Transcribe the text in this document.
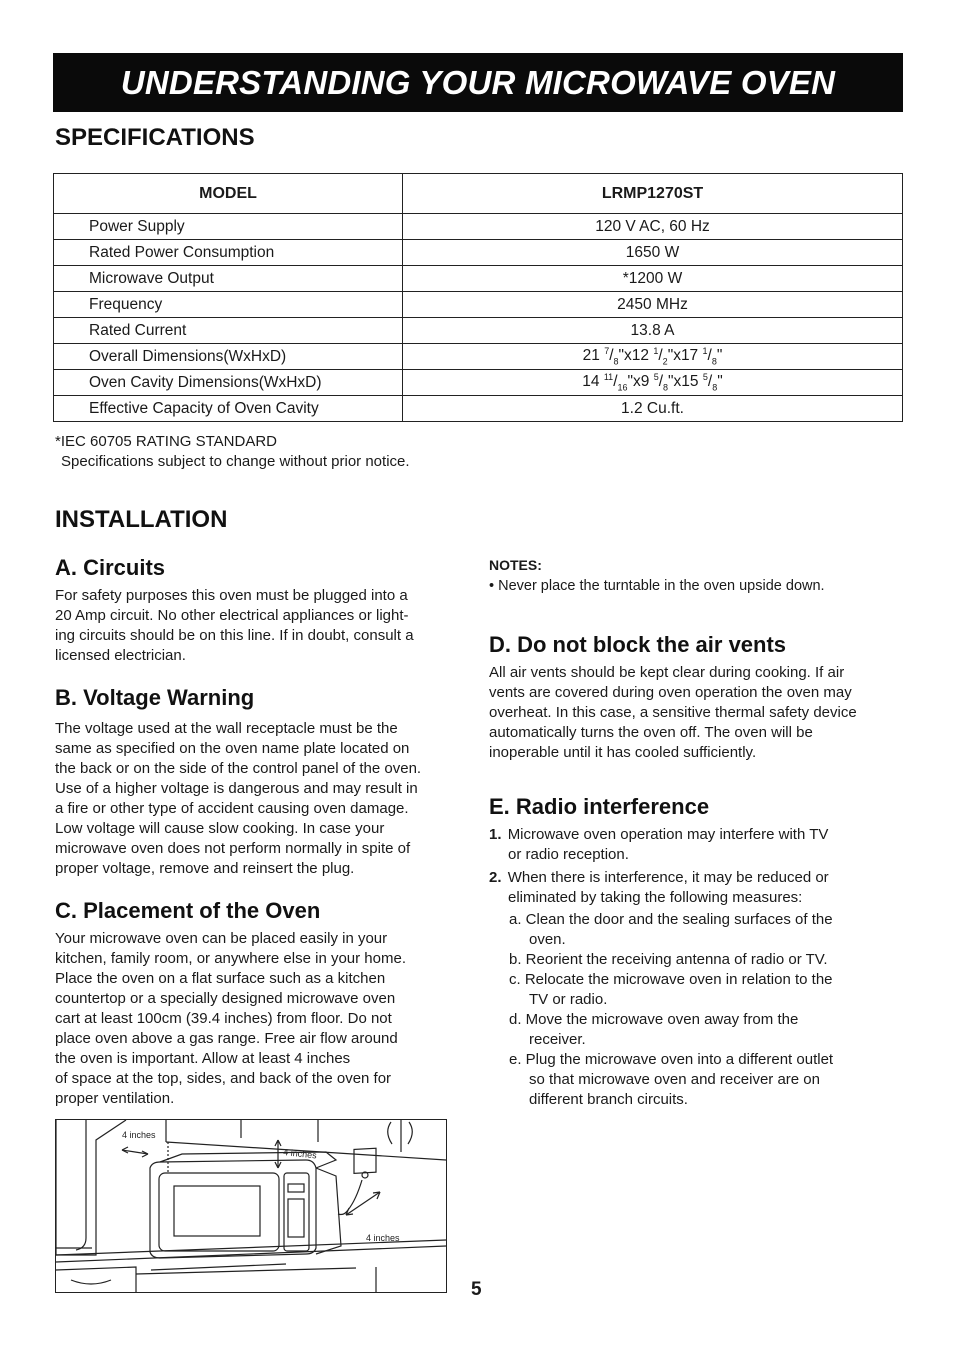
UNDERSTANDING YOUR MICROWAVE OVEN
SPECIFICATIONS
MODEL	LRMP1270ST
Power Supply	120 V AC, 60 Hz
Rated Power Consumption	1650 W
Microwave Output	*1200 W
Frequency	2450 MHz
Rated Current	13.8 A
Overall Dimensions(WxHxD)	21 $^7/_8"x12$ $^1/_2"x17$ $^1/_8$"
Oven Cavity Dimensions(WxHxD)	14 $^{11}/_{16}"x9$ $^5/_8"x15$ $^5/_8$"
Effective Capacity of Oven Cavity	1.2 Cu.ft.

*IEC 60705 RATING STANDARD

Specifications subject to change without prior notice.

INSTALLATION
A. Circuits

For safety purposes this oven must be plugged into a
20 Amp circuit. No other electrical appliances or light-
ing circuits should be on this line. If in doubt, consult a
licensed electrician.

B. Voltage Warning

The voltage used at the wall receptacle must be the
same as specified on the oven name plate located on
the back or on the side of the control panel of the oven.
Use of a higher voltage is dangerous and may result in
a fire or other type of accident causing oven damage.
Low voltage will cause slow cooking. In case your
microwave oven does not perform normally in spite of
proper voltage, remove and reinsert the plug.

C. Placement of the Oven

Your microwave oven can be placed easily in your
kitchen, family room, or anywhere else in your home.
Place the oven on a flat surface such as a kitchen
countertop or a specially designed microwave oven
cart at least 100cm (39.4 inches) from floor. Do not
place oven above a gas range. Free air flow around
the oven is important. Allow at least 4 inches
of space at the top, sides, and back of the oven for
proper ventilation.

4 inches
4 inches
4 inches

NOTES:

• Never place the turntable in the oven upside down.

D. Do not block the air vents

All air vents should be kept clear during cooking. If air
vents are covered during oven operation the oven may
overheat. In this case, a sensitive thermal safety device
automatically turns the oven off. The oven will be
inoperable until it has cooled sufficiently.

E. Radio interference

1. Microwave oven operation may interfere with TV
or radio reception.

2. When there is interference, it may be reduced or
eliminated by taking the following measures:

a. Clean the door and the sealing surfaces of the
oven.

b. Reorient the receiving antenna of radio or TV.

c. Relocate the microwave oven in relation to the
TV or radio.

d. Move the microwave oven away from the
receiver.

e. Plug the microwave oven into a different outlet
so that microwave oven and receiver are on
different branch circuits.

5
